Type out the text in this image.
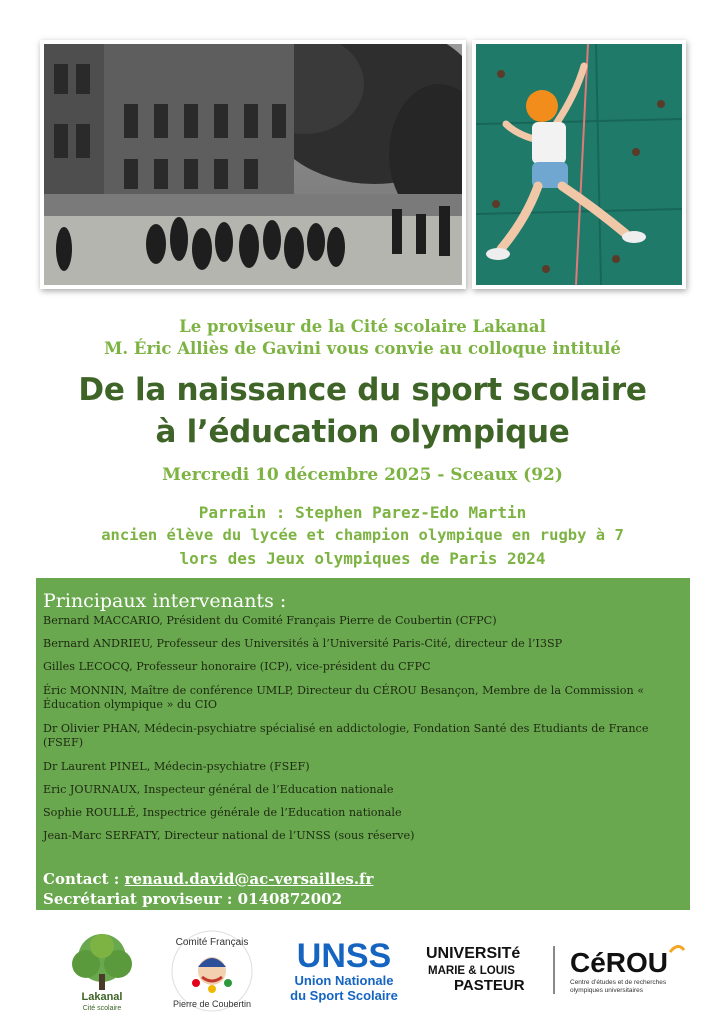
Le proviseur de la Cité scolaire Lakanal
M. Éric Alliès de Gavini vous convie au colloque intitulé
De la naissance du sport scolaire
à l’éducation olympique
Mercredi 10 décembre 2025 - Sceaux (92)
Parrain : Stephen Parez-Edo Martin
ancien élève du lycée et champion olympique en rugby à 7
lors des Jeux olympiques de Paris 2024
Principaux intervenants :
Bernard MACCARIO, Président du Comité Français Pierre de Coubertin (CFPC)
Bernard ANDRIEU, Professeur des Universités à l’Université Paris-Cité, directeur de l’I3SP
Gilles LECOCQ, Professeur honoraire (ICP), vice-président du CFPC
Éric MONNIN, Maître de conférence UMLP, Directeur du CÉROU Besançon, Membre de la Commission « Éducation olympique » du CIO
Dr Olivier PHAN, Médecin-psychiatre spécialisé en addictologie, Fondation Santé des Etudiants de France (FSEF)
Dr Laurent PINEL, Médecin-psychiatre (FSEF)
Eric JOURNAUX, Inspecteur général de l’Education nationale
Sophie ROULLÉ, Inspectrice générale de l’Education nationale
Jean-Marc SERFATY, Directeur national de l’UNSS (sous réserve)
Contact : renaud.david@ac-versailles.fr
Secrétariat proviseur : 0140872002
Lakanal
Cité scolaire
Comité Français
Pierre de Coubertin
UNSS
Union Nationale
du Sport Scolaire
UNIVERSITé
MARIE & LOUIS
PASTEUR
CéROU
Centre d’études et de recherches
olympiques universitaires
